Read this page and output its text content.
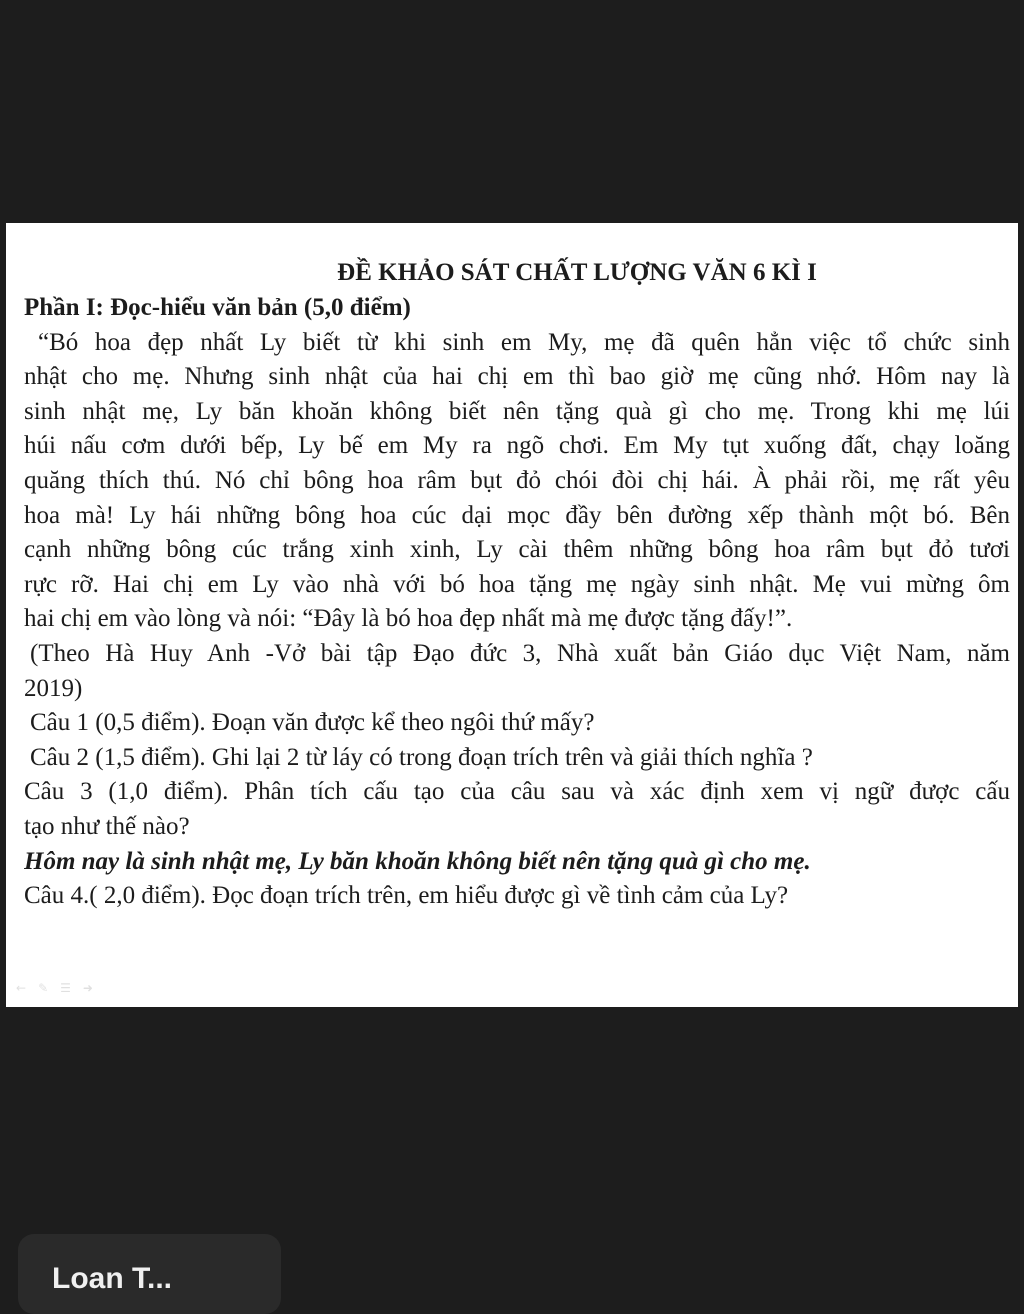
ĐỀ KHẢO SÁT CHẤT LƯỢNG VĂN 6 KÌ I
Phần I: Đọc-hiểu văn bản (5,0 điểm)
“Bó hoa đẹp nhất Ly biết từ khi sinh em My, mẹ đã quên hẳn việc tổ chức sinh
nhật cho mẹ. Nhưng sinh nhật của hai chị em thì bao giờ mẹ cũng nhớ. Hôm nay là
sinh nhật mẹ, Ly băn khoăn không biết nên tặng quà gì cho mẹ. Trong khi mẹ lúi
húi nấu cơm dưới bếp, Ly bế em My ra ngõ chơi. Em My tụt xuống đất, chạy loăng
quăng thích thú. Nó chỉ bông hoa râm bụt đỏ chói đòi chị hái. À phải rồi, mẹ rất yêu
hoa mà! Ly hái những bông hoa cúc dại mọc đầy bên đường xếp thành một bó. Bên
cạnh những bông cúc trắng xinh xinh, Ly cài thêm những bông hoa râm bụt đỏ tươi
rực rỡ. Hai chị em Ly vào nhà với bó hoa tặng mẹ ngày sinh nhật. Mẹ vui mừng ôm
hai chị em vào lòng và nói: “Đây là bó hoa đẹp nhất mà mẹ được tặng đấy!”.
(Theo Hà Huy Anh -Vở bài tập Đạo đức 3, Nhà xuất bản Giáo dục Việt Nam, năm
2019)
Câu 1 (0,5 điểm). Đoạn văn được kể theo ngôi thứ mấy?
Câu 2 (1,5 điểm). Ghi lại 2 từ láy có trong đoạn trích trên và giải thích nghĩa ?
Câu 3 (1,0 điểm). Phân tích cấu tạo của câu sau và xác định xem vị ngữ được cấu
tạo như thế nào?
Hôm nay là sinh nhật mẹ, Ly băn khoăn không biết nên tặng quà gì cho mẹ.
Câu 4.( 2,0 điểm). Đọc đoạn trích trên, em hiểu được gì về tình cảm của Ly?
← ✎ ☰ ➜
Loan T...
